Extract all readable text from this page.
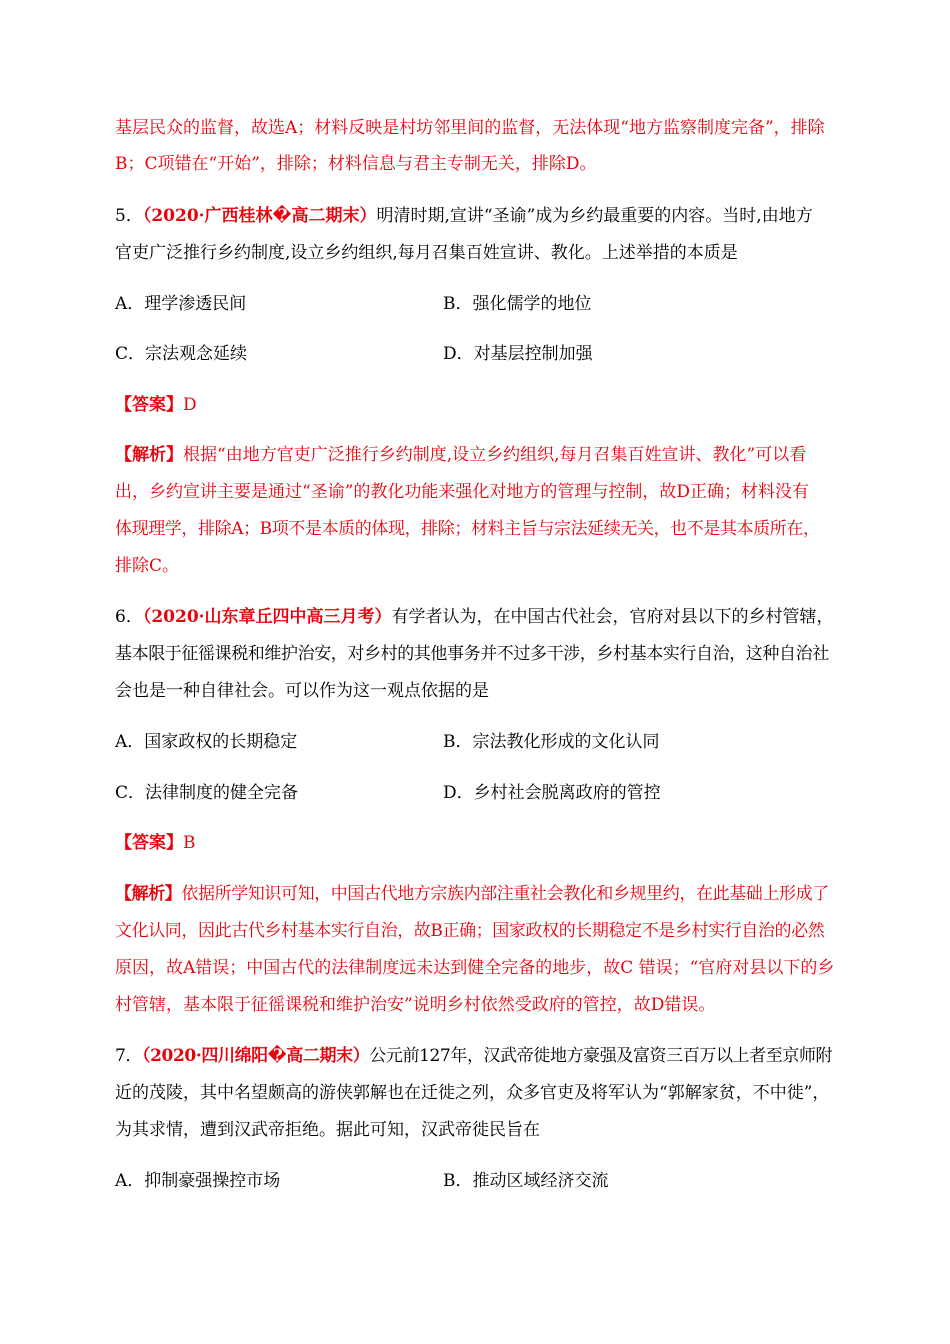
基层民众的监督，故选A；材料反映是村坊邻里间的监督，无法体现“地方监察制度完备”，排除

B；C项错在“开始”，排除；材料信息与君主专制无关，排除D。

5．（2020·广西桂林�高二期末）明清时期,宣讲“圣谕”成为乡约最重要的内容。当时,由地方

官吏广泛推行乡约制度,设立乡约组织,每月召集百姓宣讲、教化。上述举措的本质是

A．理学渗透民间	B．强化儒学的地位

C．宗法观念延续	D．对基层控制加强

【答案】D

【解析】根据“由地方官吏广泛推行乡约制度,设立乡约组织,每月召集百姓宣讲、教化”可以看

出，乡约宣讲主要是通过“圣谕”的教化功能来强化对地方的管理与控制，故D正确；材料没有

体现理学，排除A；B项不是本质的体现，排除；材料主旨与宗法延续无关，也不是其本质所在，

排除C。

6．（2020·山东章丘四中高三月考）有学者认为，在中国古代社会，官府对县以下的乡村管辖，

基本限于征徭课税和维护治安，对乡村的其他事务并不过多干涉，乡村基本实行自治，这种自治社

会也是一种自律社会。可以作为这一观点依据的是

A．国家政权的长期稳定	B．宗法教化形成的文化认同

C．法律制度的健全完备	D．乡村社会脱离政府的管控

【答案】B

【解析】依据所学知识可知，中国古代地方宗族内部注重社会教化和乡规里约，在此基础上形成了

文化认同，因此古代乡村基本实行自治，故B正确；国家政权的长期稳定不是乡村实行自治的必然

原因，故A错误；中国古代的法律制度远未达到健全完备的地步，故C 错误；“官府对县以下的乡

村管辖，基本限于征徭课税和维护治安”说明乡村依然受政府的管控，故D错误。

7．（2020·四川绵阳�高二期末）公元前127年，汉武帝徙地方豪强及富资三百万以上者至京师附

近的茂陵，其中名望颇高的游侠郭解也在迁徙之列，众多官吏及将军认为“郭解家贫，不中徙”，

为其求情，遭到汉武帝拒绝。据此可知，汉武帝徙民旨在

A．抑制豪强操控市场	B．推动区域经济交流
